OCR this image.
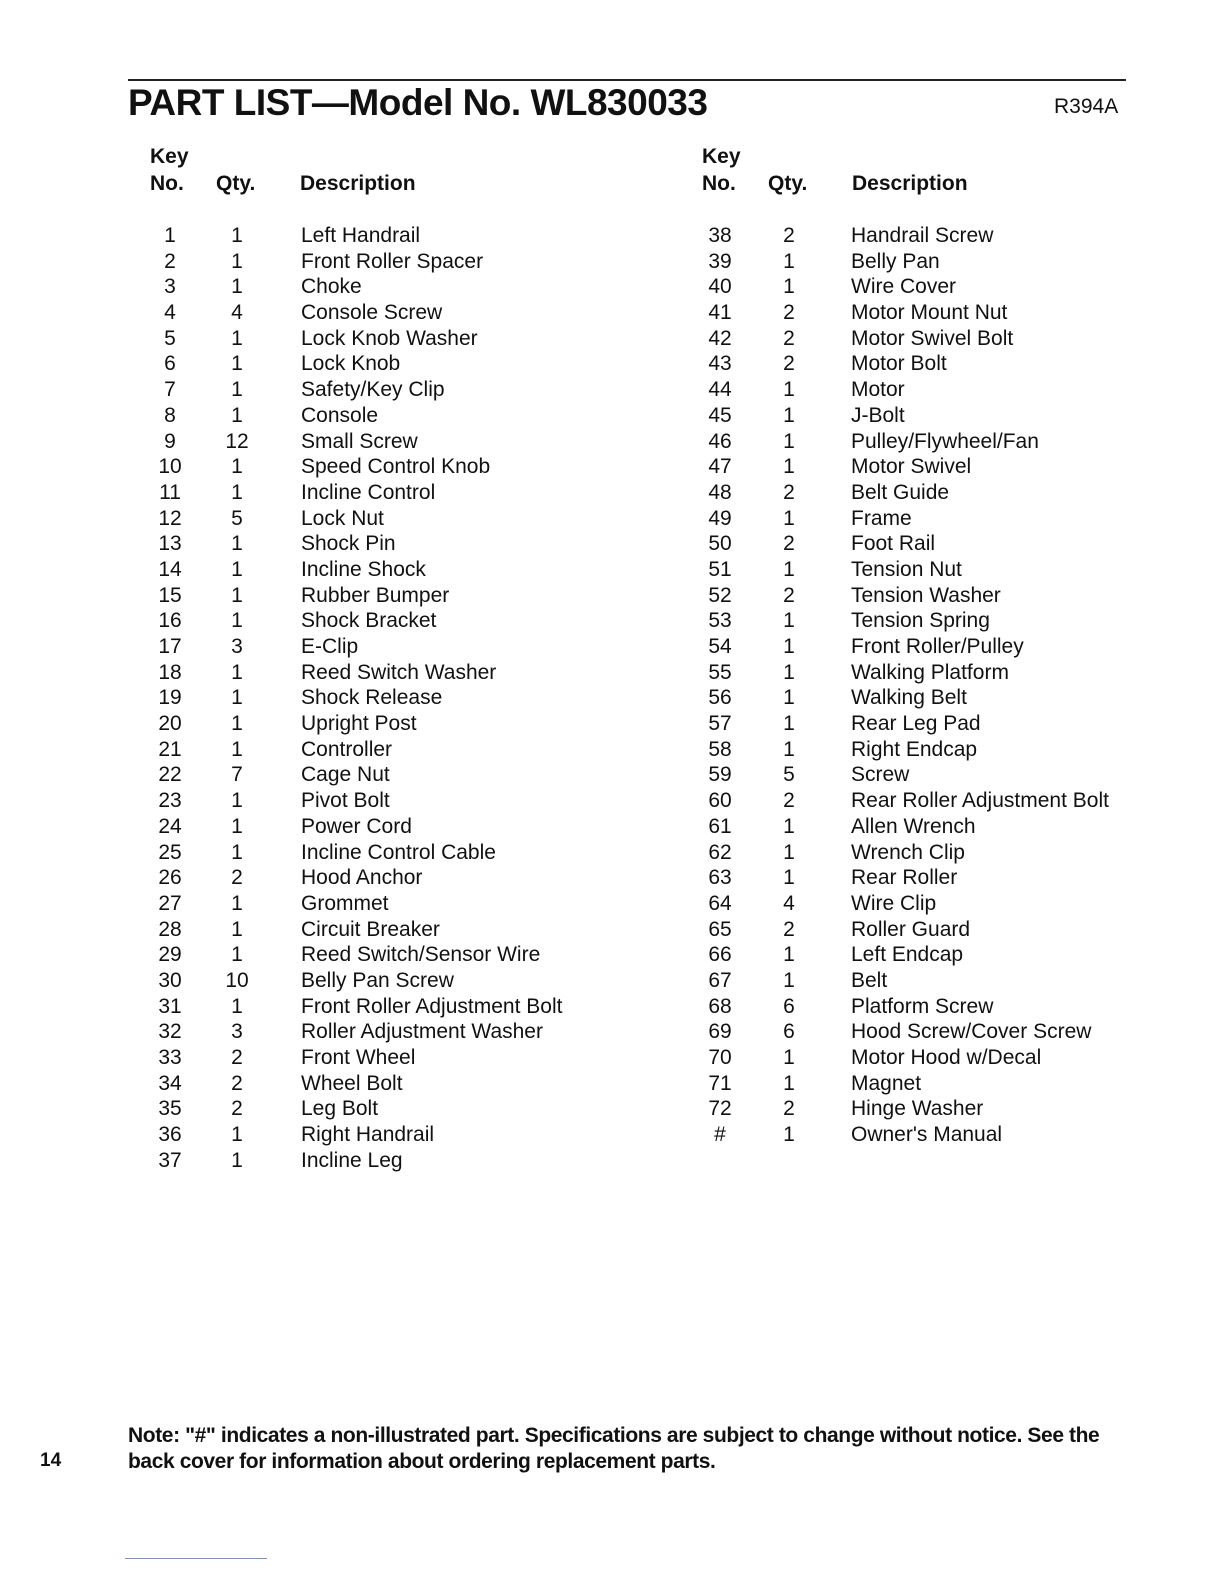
PART LIST—Model No. WL830033	R394A
Key
No. Qty. Description
1	1	Left Handrail
2	1	Front Roller Spacer
3	1	Choke
4	4	Console Screw
5	1	Lock Knob Washer
6	1	Lock Knob
7	1	Safety/Key Clip
8	1	Console
9	12	Small Screw
10	1	Speed Control Knob
11	1	Incline Control
12	5	Lock Nut
13	1	Shock Pin
14	1	Incline Shock
15	1	Rubber Bumper
16	1	Shock Bracket
17	3	E-Clip
18	1	Reed Switch Washer
19	1	Shock Release
20	1	Upright Post
21	1	Controller
22	7	Cage Nut
23	1	Pivot Bolt
24	1	Power Cord
25	1	Incline Control Cable
26	2	Hood Anchor
27	1	Grommet
28	1	Circuit Breaker
29	1	Reed Switch/Sensor Wire
30	10	Belly Pan Screw
31	1	Front Roller Adjustment Bolt
32	3	Roller Adjustment Washer
33	2	Front Wheel
34	2	Wheel Bolt
35	2	Leg Bolt
36	1	Right Handrail
37	1	Incline Leg
Key
No. Qty. Description
38	2	Handrail Screw
39	1	Belly Pan
40	1	Wire Cover
41	2	Motor Mount Nut
42	2	Motor Swivel Bolt
43	2	Motor Bolt
44	1	Motor
45	1	J-Bolt
46	1	Pulley/Flywheel/Fan
47	1	Motor Swivel
48	2	Belt Guide
49	1	Frame
50	2	Foot Rail
51	1	Tension Nut
52	2	Tension Washer
53	1	Tension Spring
54	1	Front Roller/Pulley
55	1	Walking Platform
56	1	Walking Belt
57	1	Rear Leg Pad
58	1	Right Endcap
59	5	Screw
60	2	Rear Roller Adjustment Bolt
61	1	Allen Wrench
62	1	Wrench Clip
63	1	Rear Roller
64	4	Wire Clip
65	2	Roller Guard
66	1	Left Endcap
67	1	Belt
68	6	Platform Screw
69	6	Hood Screw/Cover Screw
70	1	Motor Hood w/Decal
71	1	Magnet
72	2	Hinge Washer
#	1	Owner's Manual
Note: "#" indicates a non-illustrated part. Specifications are subject to change without notice. See the back cover for information about ordering replacement parts.
14
